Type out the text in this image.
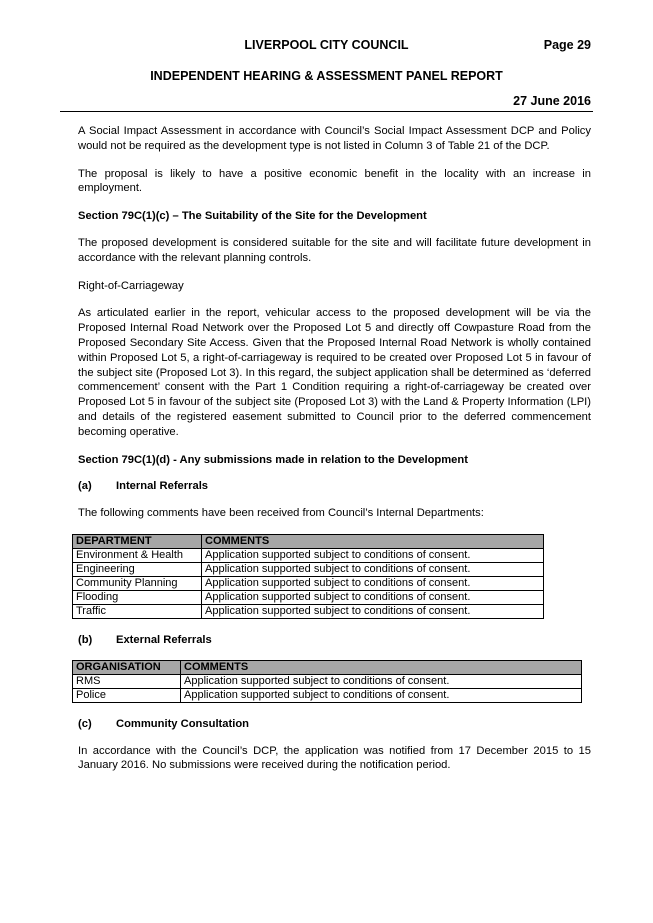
LIVERPOOL CITY COUNCIL	Page 29
INDEPENDENT HEARING & ASSESSMENT PANEL REPORT
27 June 2016

A Social Impact Assessment in accordance with Council’s Social Impact Assessment DCP and Policy would not be required as the development type is not listed in Column 3 of Table 21 of the DCP.

The proposal is likely to have a positive economic benefit in the locality with an increase in employment.

Section 79C(1)(c) – The Suitability of the Site for the Development

The proposed development is considered suitable for the site and will facilitate future development in accordance with the relevant planning controls.

Right-of-Carriageway

As articulated earlier in the report, vehicular access to the proposed development will be via the Proposed Internal Road Network over the Proposed Lot 5 and directly off Cowpasture Road from the Proposed Secondary Site Access. Given that the Proposed Internal Road Network is wholly contained within Proposed Lot 5, a right-of-carriageway is required to be created over Proposed Lot 5 in favour of the subject site (Proposed Lot 3). In this regard, the subject application shall be determined as ‘deferred commencement’ consent with the Part 1 Condition requiring a right-of-carriageway be created over Proposed Lot 5 in favour of the subject site (Proposed Lot 3) with the Land & Property Information (LPI) and details of the registered easement submitted to Council prior to the deferred commencement becoming operative.

Section 79C(1)(d) - Any submissions made in relation to the Development

(a) Internal Referrals

The following comments have been received from Council’s Internal Departments:

DEPARTMENT	COMMENTS
Environment & Health	Application supported subject to conditions of consent.
Engineering	Application supported subject to conditions of consent.
Community Planning	Application supported subject to conditions of consent.
Flooding	Application supported subject to conditions of consent.
Traffic	Application supported subject to conditions of consent.
(b) External Referrals
ORGANISATION	COMMENTS
RMS	Application supported subject to conditions of consent.
Police	Application supported subject to conditions of consent.
(c) Community Consultation

In accordance with the Council’s DCP, the application was notified from 17 December 2015 to 15 January 2016. No submissions were received during the notification period.
